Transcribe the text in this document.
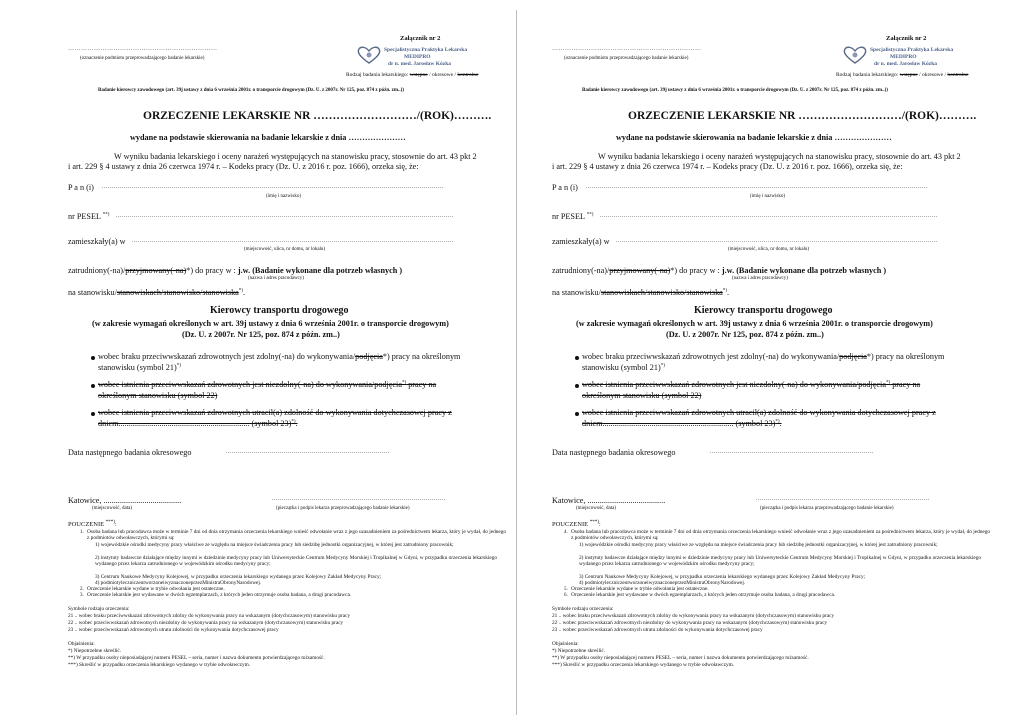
Załącznik nr 2
……………………………………………………………
(oznaczenie podmiotu przeprowadzającego badanie lekarskie)
Specjalistyczna Praktyka Lekarska
MEDIPRO
dr n. med. Jarosław Kózka
Rodzaj badania lekarskiego: wstępne / okresowe / kontrolne
Badanie kierowcy zawodowego (art. 39j ustawy z dnia 6 września 2001r. o transporcie drogowym (Dz. U. z 2007r. Nr 125, poz. 874 z późn. zm..))
ORZECZENIE LEKARSKIE NR ………………………/(ROK)……….
wydane na podstawie skierowania na badanie lekarskie z dnia …………………
W wyniku badania lekarskiego i oceny narażeń występujących na stanowisku pracy, stosownie do art. 43 pkt 2
i art. 229 § 4 ustawy z dnia 26 czerwca 1974 r. – Kodeks pracy (Dz. U. z 2016 r. poz. 1666), orzeka się, że:
P a n (i) ...........................................................................................................................................................................
(imię i nazwisko)
nr PESEL **) .........................................................................................................................................................................
zamieszkały(a) w .................................................................................................................................................................
(miejscowość, ulica, nr domu, nr lokalu)
zatrudniony(-na)/przyjmowany(-na)*) do pracy w : j.w. (Badanie wykonane dla potrzeb własnych )
(nazwa i adres pracodawcy)
na stanowisku/stanowiskach/stanowisko/stanowiska*).
Kierowcy transportu drogowego
(w zakresie wymagań określonych w art. 39j ustawy z dnia 6 września 2001r. o transporcie drogowym)
(Dz. U. z 2007r. Nr 125, poz. 874 z późn. zm..)
wobec braku przeciwwskazań zdrowotnych jest zdolny(-na) do wykonywania/podjęcia*) pracy na określonym
stanowisku (symbol 21)*)
wobec istnienia przeciwwskazań zdrowotnych jest niezdolny(-na) do wykonywania/podjęcia*) pracy na
określonym stanowisku (symbol 22)
wobec istnienia przeciwwskazań zdrowotnych utracił(a) zdolność do wykonywania dotychczasowej pracy z
dniem................................................................ (symbol 23)*).
Data następnego badania okresowego	..................................................................................
Katowice, ......................................
(miejscowość, data)
.......................................................................................
(pieczątka i podpis lekarza przeprowadzającego badanie lekarskie)
POUCZENIE ***):
1. Osoba badana lub pracodawca może w terminie 7 dni od dnia otrzymania orzeczenia lekarskiego wnieść odwołanie wraz z jego uzasadnieniem za pośrednictwem lekarza, który je wydał, do jednego z podmiotów odwoławczych, którymi są:
1) wojewódzkie ośrodki medycyny pracy właściwe ze względu na miejsce świadczenia pracy lub siedzibę jednostki organizacyjnej, w której jest zatrudniony pracownik;
2) instytuty badawcze działające między innymi w dziedzinie medycyny pracy lub Uniwersyteckie Centrum Medycyny Morskiej i Tropikalnej w Gdyni, w przypadku orzeczenia lekarskiego wydanego przez lekarza zatrudnionego w wojewódzkim ośrodku medycyny pracy;
3) Centrum Naukowe Medycyny Kolejowej, w przypadku orzeczenia lekarskiego wydanego przez Kolejowy Zakład Medycyny Pracy;
4) podmiotyleczniczeutworzoneiwyznaczoneprzezMinistraObronyNarodowej.
2. Orzeczenie lekarskie wydane w trybie odwołania jest ostateczne.
3. Orzeczenie lekarskie jest wydawane w dwóch egzemplarzach, z których jeden otrzymuje osoba badana, a drugi pracodawca.
Symbole rodzaju orzeczenia:
21 .. wobec braku przeciwwskazań zdrowotnych zdolny do wykonywania pracy na wskazanym (dotychczasowym) stanowisku pracy
22 .. wobec przeciwwskazań zdrowotnych niezdolny do wykonywania pracy na wskazanym (dotychczasowym) stanowisku pracy
23 .. wobec przeciwwskazań zdrowotnych utrata zdolności do wykonywania dotychczasowej pracy
Objaśnienia:
*) Niepotrzebne skreślić.
**) W przypadku osoby nieposiadającej numeru PESEL – seria, numer i nazwa dokumentu potwierdzającego tożsamość.
***) Skreślić w przypadku orzeczenia lekarskiego wydanego w trybie odwoławczym.
Załącznik nr 2
……………………………………………………………
(oznaczenie podmiotu przeprowadzającego badanie lekarskie)
Specjalistyczna Praktyka Lekarska
MEDIPRO
dr n. med. Jarosław Kózka
Rodzaj badania lekarskiego: wstępne / okresowe / kontrolne
Badanie kierowcy zawodowego (art. 39j ustawy z dnia 6 września 2001r. o transporcie drogowym (Dz. U. z 2007r. Nr 125, poz. 874 z późn. zm..))
ORZECZENIE LEKARSKIE NR ………………………/(ROK)……….
wydane na podstawie skierowania na badanie lekarskie z dnia …………………
W wyniku badania lekarskiego i oceny narażeń występujących na stanowisku pracy, stosownie do art. 43 pkt 2
i art. 229 § 4 ustawy z dnia 26 czerwca 1974 r. – Kodeks pracy (Dz. U. z 2016 r. poz. 1666), orzeka się, że:
P a n (i) ...........................................................................................................................................................................
(imię i nazwisko)
nr PESEL **) .........................................................................................................................................................................
zamieszkały(a) w .................................................................................................................................................................
(miejscowość, ulica, nr domu, nr lokalu)
zatrudniony(-na)/przyjmowany(-na)*) do pracy w : j.w. (Badanie wykonane dla potrzeb własnych )
(nazwa i adres pracodawcy)
na stanowisku/stanowiskach/stanowisko/stanowiska*).
Kierowcy transportu drogowego
(w zakresie wymagań określonych w art. 39j ustawy z dnia 6 września 2001r. o transporcie drogowym)
(Dz. U. z 2007r. Nr 125, poz. 874 z późn. zm..)
wobec braku przeciwwskazań zdrowotnych jest zdolny(-na) do wykonywania/podjęcia*) pracy na określonym
stanowisku (symbol 21)*)
wobec istnienia przeciwwskazań zdrowotnych jest niezdolny(-na) do wykonywania/podjęcia*) pracy na
określonym stanowisku (symbol 22)
wobec istnienia przeciwwskazań zdrowotnych utracił(a) zdolność do wykonywania dotychczasowej pracy z
dniem................................................................ (symbol 23)*).
Data następnego badania okresowego	..................................................................................
Katowice, ......................................
(miejscowość, data)
.......................................................................................
(pieczątka i podpis lekarza przeprowadzającego badanie lekarskie)
POUCZENIE ***):
4. Osoba badana lub pracodawca może w terminie 7 dni od dnia otrzymania orzeczenia lekarskiego wnieść odwołanie wraz z jego uzasadnieniem za pośrednictwem lekarza, który je wydał, do jednego z podmiotów odwoławczych, którymi są:
1) wojewódzkie ośrodki medycyny pracy właściwe ze względu na miejsce świadczenia pracy lub siedzibę jednostki organizacyjnej, w której jest zatrudniony pracownik;
2) instytuty badawcze działające między innymi w dziedzinie medycyny pracy lub Uniwersyteckie Centrum Medycyny Morskiej i Tropikalnej w Gdyni, w przypadku orzeczenia lekarskiego wydanego przez lekarza zatrudnionego w wojewódzkim ośrodku medycyny pracy;
3) Centrum Naukowe Medycyny Kolejowej, w przypadku orzeczenia lekarskiego wydanego przez Kolejowy Zakład Medycyny Pracy;
4) podmiotyleczniczeutworzoneiwyznaczoneprzezMinistraObronyNarodowej.
5. Orzeczenie lekarskie wydane w trybie odwołania jest ostateczne.
6. Orzeczenie lekarskie jest wydawane w dwóch egzemplarzach, z których jeden otrzymuje osoba badana, a drugi pracodawca.
Symbole rodzaju orzeczenia:
21 .. wobec braku przeciwwskazań zdrowotnych zdolny do wykonywania pracy na wskazanym (dotychczasowym) stanowisku pracy
22 .. wobec przeciwwskazań zdrowotnych niezdolny do wykonywania pracy na wskazanym (dotychczasowym) stanowisku pracy
23 .. wobec przeciwwskazań zdrowotnych utrata zdolności do wykonywania dotychczasowej pracy
Objaśnienia:
*) Niepotrzebne skreślić.
**) W przypadku osoby nieposiadającej numeru PESEL – seria, numer i nazwa dokumentu potwierdzającego tożsamość.
***) Skreślić w przypadku orzeczenia lekarskiego wydanego w trybie odwoławczym.
